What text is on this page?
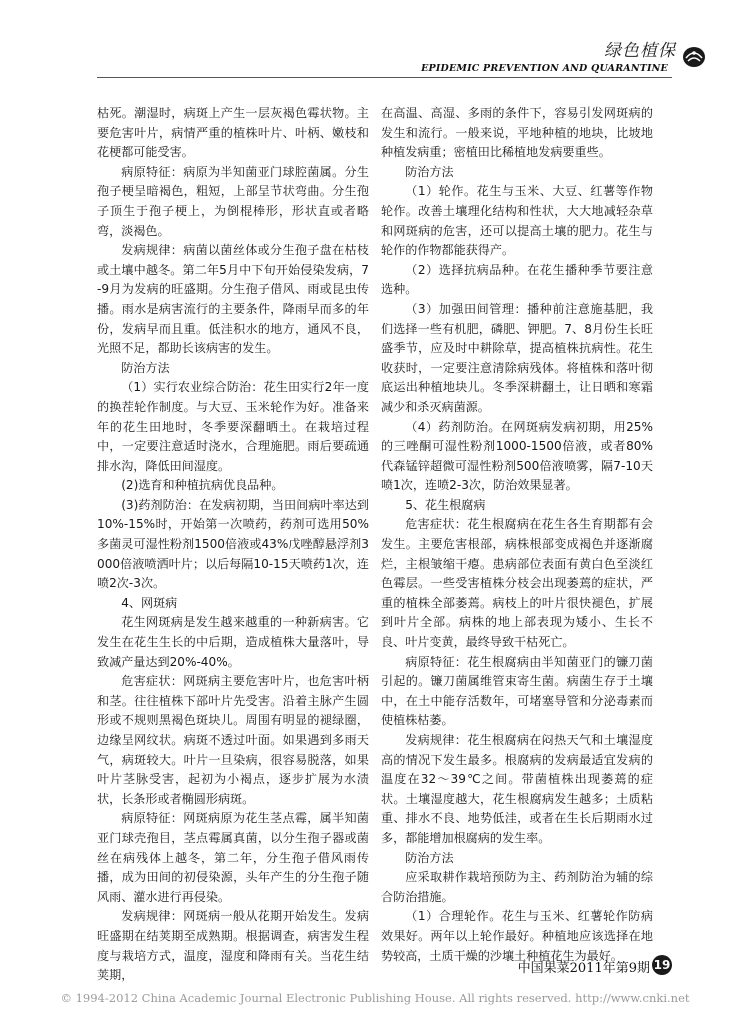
绿色植保
EPIDEMIC PREVENTION AND QUARANTINE

枯死。潮湿时，病斑上产生一层灰褐色霉状物。主要危害叶片，病情严重的植株叶片、叶柄、嫩枝和花梗都可能受害。

病原特征：病原为半知菌亚门球腔菌属。分生孢子梗呈暗褐色，粗短，上部呈节状弯曲。分生孢子顶生于孢子梗上，为倒棍棒形，形状直或者略弯，淡褐色。

发病规律：病菌以菌丝体或分生孢子盘在枯枝或土壤中越冬。第二年5月中下旬开始侵染发病，7-9月为发病的旺盛期。分生孢子借风、雨或昆虫传播。雨水是病害流行的主要条件，降雨早而多的年份，发病早而且重。低洼积水的地方，通风不良，光照不足，都助长该病害的发生。

防治方法

（1）实行农业综合防治：花生田实行2年一度的换茬轮作制度。与大豆、玉米轮作为好。准备来年的花生田地时，冬季要深翻晒土。在栽培过程中，一定要注意适时浇水，合理施肥。雨后要疏通排水沟，降低田间湿度。

(2)选育和种植抗病优良品种。

(3)药剂防治：在发病初期，当田间病叶率达到10%-15%时，开始第一次喷药，药剂可选用50%多菌灵可湿性粉剂1500倍液或43%戊唑醇悬浮剂3000倍液喷洒叶片；以后每隔10-15天喷药1次，连喷2次-3次。

4、网斑病

花生网斑病是发生越来越重的一种新病害。它发生在花生生长的中后期，造成植株大量落叶，导致减产量达到20%-40%。

危害症状：网斑病主要危害叶片，也危害叶柄和茎。往往植株下部叶片先受害。沿着主脉产生圆形或不规则黑褐色斑块儿。周围有明显的褪绿圈，边缘呈网纹状。病斑不透过叶面。如果遇到多雨天气，病斑较大。叶片一旦染病，很容易脱落，如果叶片茎脉受害，起初为小褐点，逐步扩展为水渍状，长条形或者椭圆形病斑。

病原特征：网斑病原为花生茎点霉，属半知菌亚门球壳孢目，茎点霉属真菌，以分生孢子器或菌丝在病残体上越冬，第二年，分生孢子借风雨传播，成为田间的初侵染源，头年产生的分生孢子随风雨、灌水进行再侵染。

发病规律：网斑病一般从花期开始发生。发病旺盛期在结荚期至成熟期。根据调查，病害发生程度与栽培方式，温度，湿度和降雨有关。当花生结荚期，

在高温、高湿、多雨的条件下，容易引发网斑病的发生和流行。一般来说，平地种植的地块，比坡地种植发病重；密植田比稀植地发病要重些。

防治方法

（1）轮作。花生与玉米、大豆、红薯等作物轮作。改善土壤理化结构和性状，大大地减轻杂草和网斑病的危害，还可以提高土壤的肥力。花生与轮作的作物都能获得产。

（2）选择抗病品种。在花生播种季节要注意选种。

（3）加强田间管理：播种前注意施基肥，我们选择一些有机肥，磷肥、钾肥。7、8月份生长旺盛季节，应及时中耕除草，提高植株抗病性。花生收获时，一定要注意清除病残体。将植株和落叶彻底运出种植地块儿。冬季深耕翻土，让日晒和寒霜减少和杀灭病菌源。

（4）药剂防治。在网斑病发病初期，用25%的三唑酮可湿性粉剂1000-1500倍液，或者80%代森锰锌超微可湿性粉剂500倍液喷雾，隔7-10天喷1次，连喷2-3次，防治效果显著。

5、花生根腐病

危害症状：花生根腐病在花生各生育期都有会发生。主要危害根部，病株根部变成褐色并逐渐腐烂，主根皱缩干瘪。患病部位表面有黄白色至淡红色霉层。一些受害植株分枝会出现萎蔫的症状，严重的植株全部萎蔫。病枝上的叶片很快褪色，扩展到叶片全部。病株的地上部表现为矮小、生长不良、叶片变黄，最终导致干枯死亡。

病原特征：花生根腐病由半知菌亚门的镰刀菌引起的。镰刀菌属维管束寄生菌。病菌生存于土壤中，在土中能存活数年，可堵塞导管和分泌毒素而使植株枯萎。

发病规律：花生根腐病在闷热天气和土壤湿度高的情况下发生最多。根腐病的发病最适宜发病的温度在32～39℃之间。带菌植株出现萎蔫的症状。土壤湿度越大，花生根腐病发生越多；土质粘重、排水不良、地势低洼，或者在生长后期雨水过多，都能增加根腐病的发生率。

防治方法

应采取耕作栽培预防为主、药剂防治为辅的综合防治措施。

（1）合理轮作。花生与玉米、红薯轮作防病效果好。两年以上轮作最好。种植地应该选择在地势较高，土质干燥的沙壤土种植花生为最好。

中国果菜2011年第9期 19
© 1994-2012 China Academic Journal Electronic Publishing House. All rights reserved. http://www.cnki.net
